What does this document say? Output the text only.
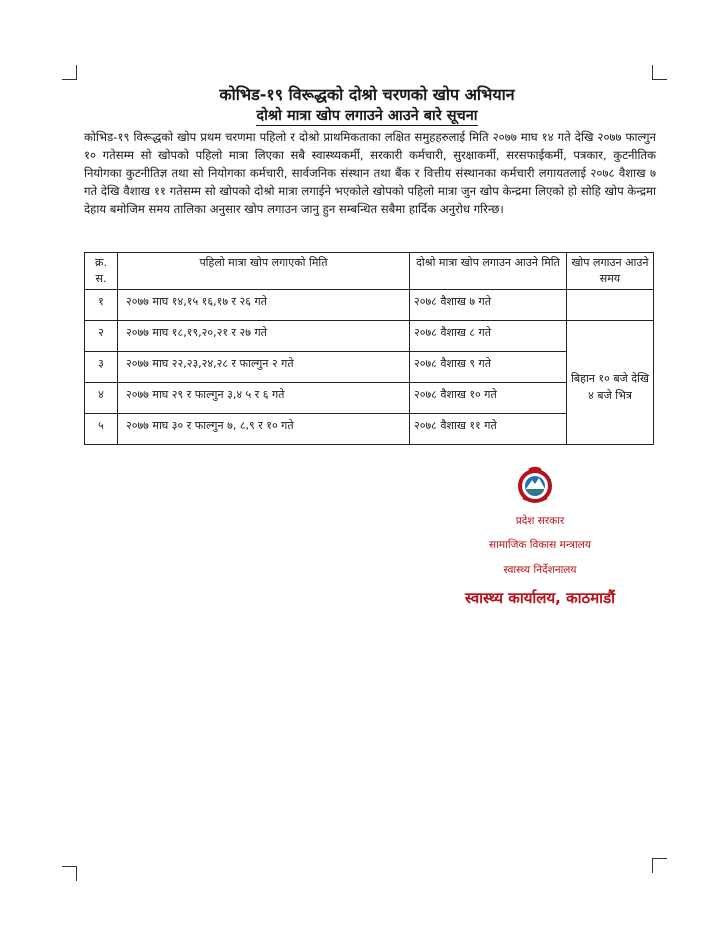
कोभिड-१९ विरूद्धको दोश्रो चरणको खोप अभियान
दोश्रो मात्रा खोप लगाउने आउने बारे सूचना
कोभिड-१९ विरूद्धको खोप प्रथम चरणमा पहिलो र दोश्रो प्राथमिकताका लक्षित समुहहरुलाई मिति २०७७ माघ १४ गते देखि २०७७ फाल्गुन १० गतेसम्म सो खोपको पहिलो मात्रा लिएका सबै स्वास्थ्यकर्मी, सरकारी कर्मचारी, सुरक्षाकर्मी, सरसफाईकर्मी, पत्रकार, कुटनीतिक नियोगका कुटनीतिज्ञ तथा सो नियोगका कर्मचारी, सार्वजनिक संस्थान तथा बैंक र वित्तीय संस्थानका कर्मचारी लगायतलाई २०७८ वैशाख ७ गते देखि वैशाख ११ गतेसम्म सो खोपको दोश्रो मात्रा लगाईने भएकोले खोपको पहिलो मात्रा जुन खोप केन्द्रमा लिएको हो सोहि खोप केन्द्रमा देहाय बमोजिम समय तालिका अनुसार खोप लगाउन जानु हुन सम्बन्धित सबैमा हार्दिक अनुरोध गरिन्छ।
क्र. स.	पहिलो मात्रा खोप लगाएको मिति	दोश्रो मात्रा खोप लगाउन आउने मिति	खोप लगाउन आउने समय
१	२०७७ माघ १४,१५ १६,१७ र २६ गते	२०७८ वैशाख ७ गते	
२	२०७७ माघ १८,१९,२०,२१ र २७ गते	२०७८ वैशाख ८ गते	बिहान १० बजे देखि ४ बजे भित्र
३	२०७७ माघ २२,२३,२४,२८ र फाल्गुन २ गते	२०७८ वैशाख ९ गते	
४	२०७७ माघ २९ र फाल्गुन ३,४ ५ र ६ गते	२०७८ वैशाख १० गते	
५	२०७७ माघ ३० र फाल्गुन ७, ८,९ र १० गते	२०७८ वैशाख ११ गते	
प्रदेश सरकार
सामाजिक विकास मन्त्रालय
स्वास्थ्य निर्देशनालय
स्वास्थ्य कार्यालय, काठमाडौं
